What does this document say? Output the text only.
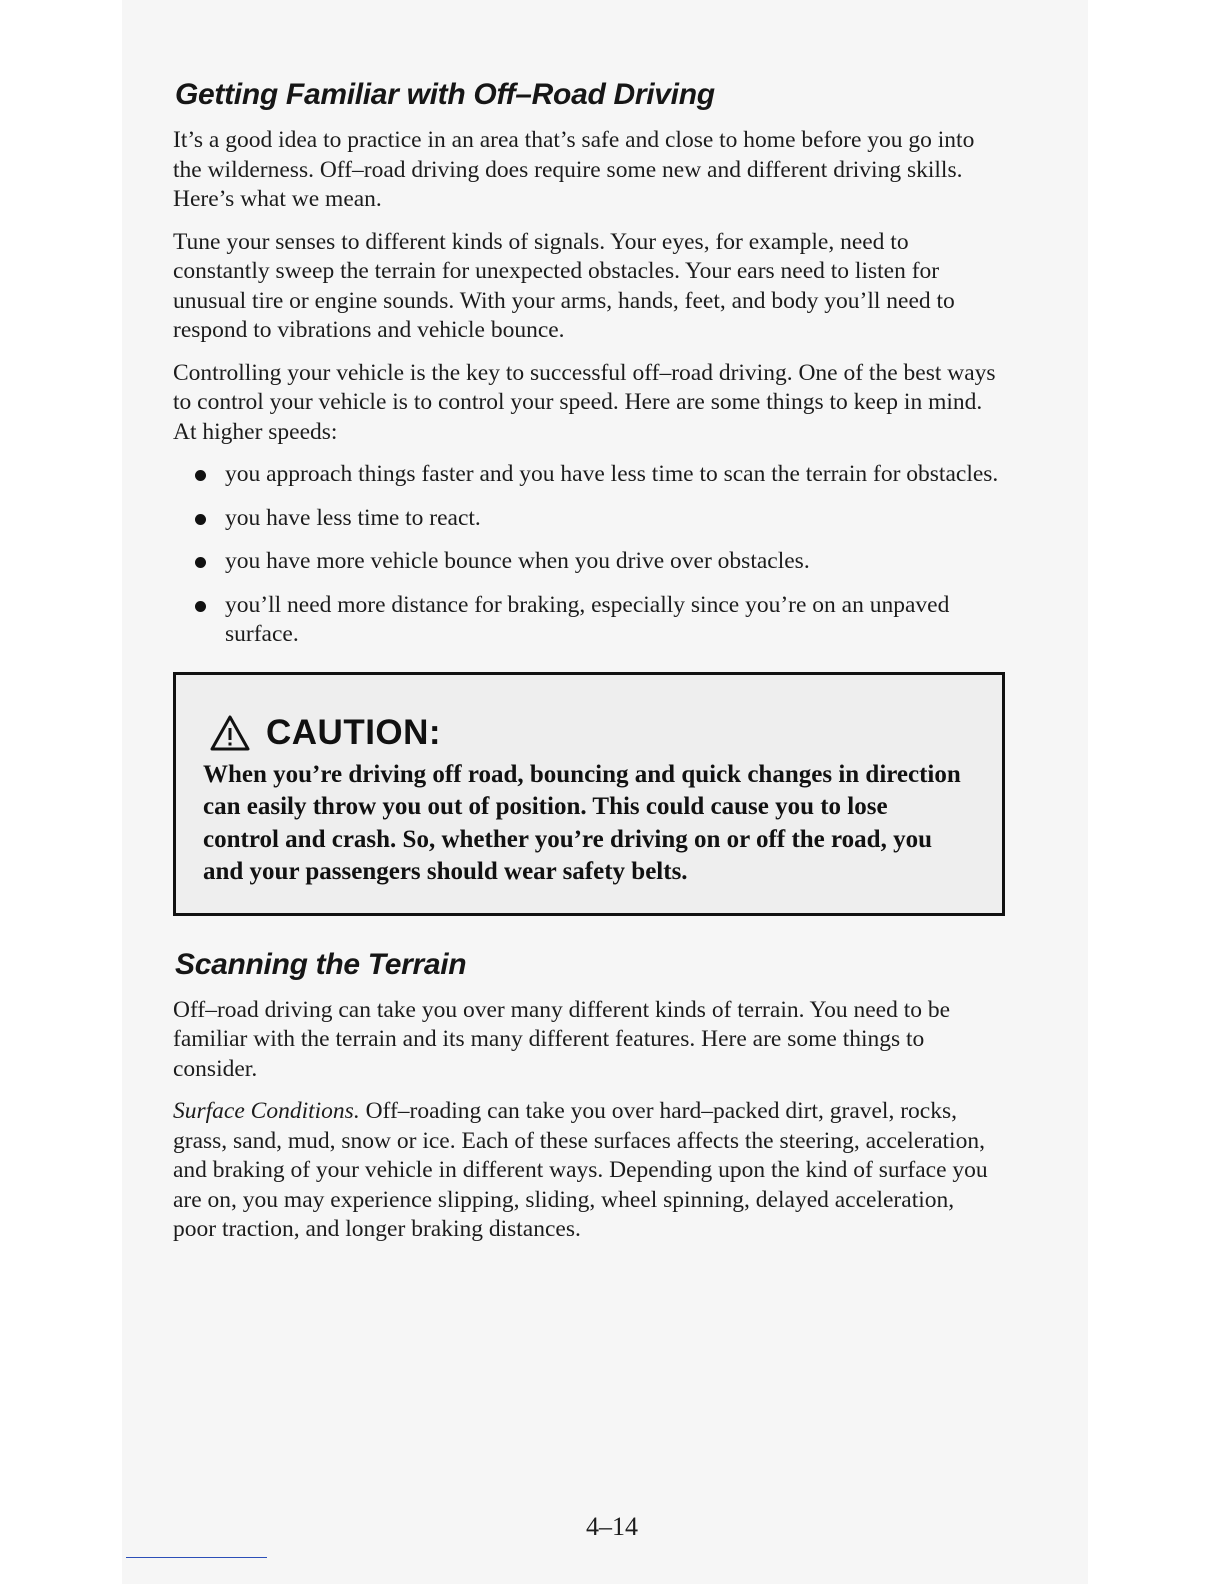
Getting Familiar with Off–Road Driving

It’s a good idea to practice in an area that’s safe and close to home before you go into the wilderness. Off–road driving does require some new and different driving skills. Here’s what we mean.

Tune your senses to different kinds of signals. Your eyes, for example, need to constantly sweep the terrain for unexpected obstacles. Your ears need to listen for unusual tire or engine sounds. With your arms, hands, feet, and body you’ll need to respond to vibrations and vehicle bounce.

Controlling your vehicle is the key to successful off–road driving. One of the best ways to control your vehicle is to control your speed. Here are some things to keep in mind. At higher speeds:

you approach things faster and you have less time to scan the terrain for obstacles.
you have less time to react.
you have more vehicle bounce when you drive over obstacles.
you’ll need more distance for braking, especially since you’re on an unpaved surface.
CAUTION:
When you’re driving off road, bouncing and quick changes in direction can easily throw you out of position. This could cause you to lose control and crash. So, whether you’re driving on or off the road, you and your passengers should wear safety belts.
Scanning the Terrain

Off–road driving can take you over many different kinds of terrain. You need to be familiar with the terrain and its many different features. Here are some things to consider.

Surface Conditions. Off–roading can take you over hard–packed dirt, gravel, rocks, grass, sand, mud, snow or ice. Each of these surfaces affects the steering, acceleration, and braking of your vehicle in different ways. Depending upon the kind of surface you are on, you may experience slipping, sliding, wheel spinning, delayed acceleration, poor traction, and longer braking distances.

4–14
